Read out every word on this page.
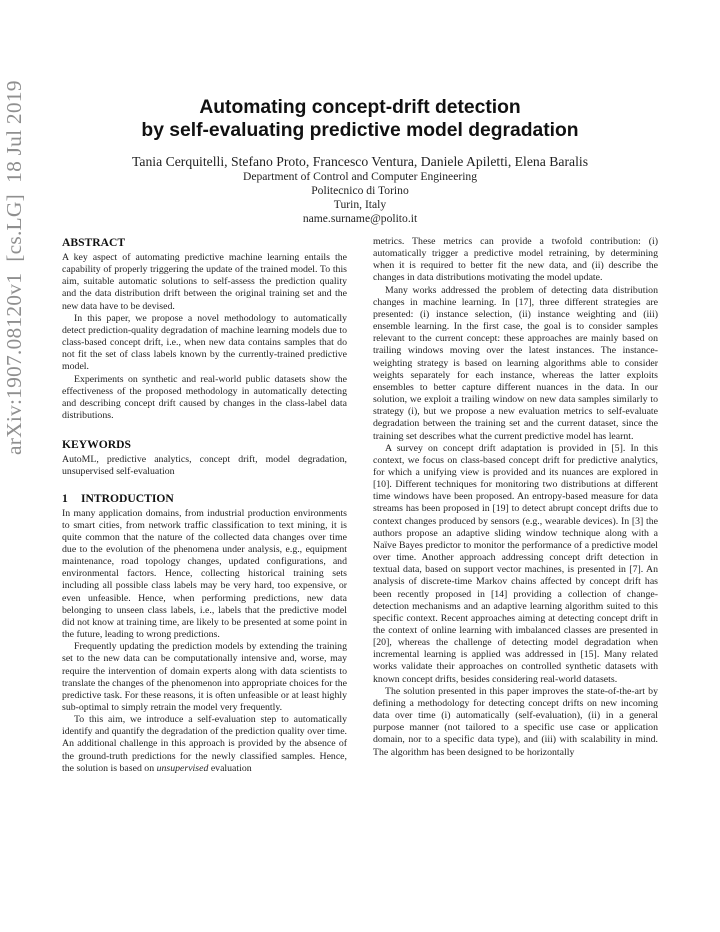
arXiv:1907.08120v1  [cs.LG]  18 Jul 2019	Automating concept-drift detection
by self-evaluating predictive model degradation
Tania Cerquitelli, Stefano Proto, Francesco Ventura, Daniele Apiletti, Elena Baralis
Department of Control and Computer Engineering
Politecnico di Torino
Turin, Italy
name.surname@polito.it
ABSTRACT

A key aspect of automating predictive machine learning entails the capability of properly triggering the update of the trained model. To this aim, suitable automatic solutions to self-assess the prediction quality and the data distribution drift between the original training set and the new data have to be devised.

In this paper, we propose a novel methodology to automatically detect prediction-quality degradation of machine learning models due to class-based concept drift, i.e., when new data contains samples that do not fit the set of class labels known by the currently-trained predictive model.

Experiments on synthetic and real-world public datasets show the effectiveness of the proposed methodology in automatically detecting and describing concept drift caused by changes in the class-label data distributions.

KEYWORDS

AutoML, predictive analytics, concept drift, model degradation, unsupervised self-evaluation

1 INTRODUCTION

In many application domains, from industrial production environments to smart cities, from network traffic classification to text mining, it is quite common that the nature of the collected data changes over time due to the evolution of the phenomena under analysis, e.g., equipment maintenance, road topology changes, updated configurations, and environmental factors. Hence, collecting historical training sets including all possible class labels may be very hard, too expensive, or even unfeasible. Hence, when performing predictions, new data belonging to unseen class labels, i.e., labels that the predictive model did not know at training time, are likely to be presented at some point in the future, leading to wrong predictions.

Frequently updating the prediction models by extending the training set to the new data can be computationally intensive and, worse, may require the intervention of domain experts along with data scientists to translate the changes of the phenomenon into appropriate choices for the predictive task. For these reasons, it is often unfeasible or at least highly sub-optimal to simply retrain the model very frequently.

To this aim, we introduce a self-evaluation step to automatically identify and quantify the degradation of the prediction quality over time. An additional challenge in this approach is provided by the absence of the ground-truth predictions for the newly classified samples. Hence, the solution is based on unsupervised evaluation

metrics. These metrics can provide a twofold contribution: (i) automatically trigger a predictive model retraining, by determining when it is required to better fit the new data, and (ii) describe the changes in data distributions motivating the model update.

Many works addressed the problem of detecting data distribution changes in machine learning. In [17], three different strategies are presented: (i) instance selection, (ii) instance weighting and (iii) ensemble learning. In the first case, the goal is to consider samples relevant to the current concept: these approaches are mainly based on trailing windows moving over the latest instances. The instance-weighting strategy is based on learning algorithms able to consider weights separately for each instance, whereas the latter exploits ensembles to better capture different nuances in the data. In our solution, we exploit a trailing window on new data samples similarly to strategy (i), but we propose a new evaluation metrics to self-evaluate degradation between the training set and the current dataset, since the training set describes what the current predictive model has learnt.

A survey on concept drift adaptation is provided in [5]. In this context, we focus on class-based concept drift for predictive analytics, for which a unifying view is provided and its nuances are explored in [10]. Different techniques for monitoring two distributions at different time windows have been proposed. An entropy-based measure for data streams has been proposed in [19] to detect abrupt concept drifts due to context changes produced by sensors (e.g., wearable devices). In [3] the authors propose an adaptive sliding window technique along with a Naïve Bayes predictor to monitor the performance of a predictive model over time. Another approach addressing concept drift detection in textual data, based on support vector machines, is presented in [7]. An analysis of discrete-time Markov chains affected by concept drift has been recently proposed in [14] providing a collection of change-detection mechanisms and an adaptive learning algorithm suited to this specific context. Recent approaches aiming at detecting concept drift in the context of online learning with imbalanced classes are presented in [20], whereas the challenge of detecting model degradation when incremental learning is applied was addressed in [15]. Many related works validate their approaches on controlled synthetic datasets with known concept drifts, besides considering real-world datasets.

The solution presented in this paper improves the state-of-the-art by defining a methodology for detecting concept drifts on new incoming data over time (i) automatically (self-evaluation), (ii) in a general purpose manner (not tailored to a specific use case or application domain, nor to a specific data type), and (iii) with scalability in mind. The algorithm has been designed to be horizontally
